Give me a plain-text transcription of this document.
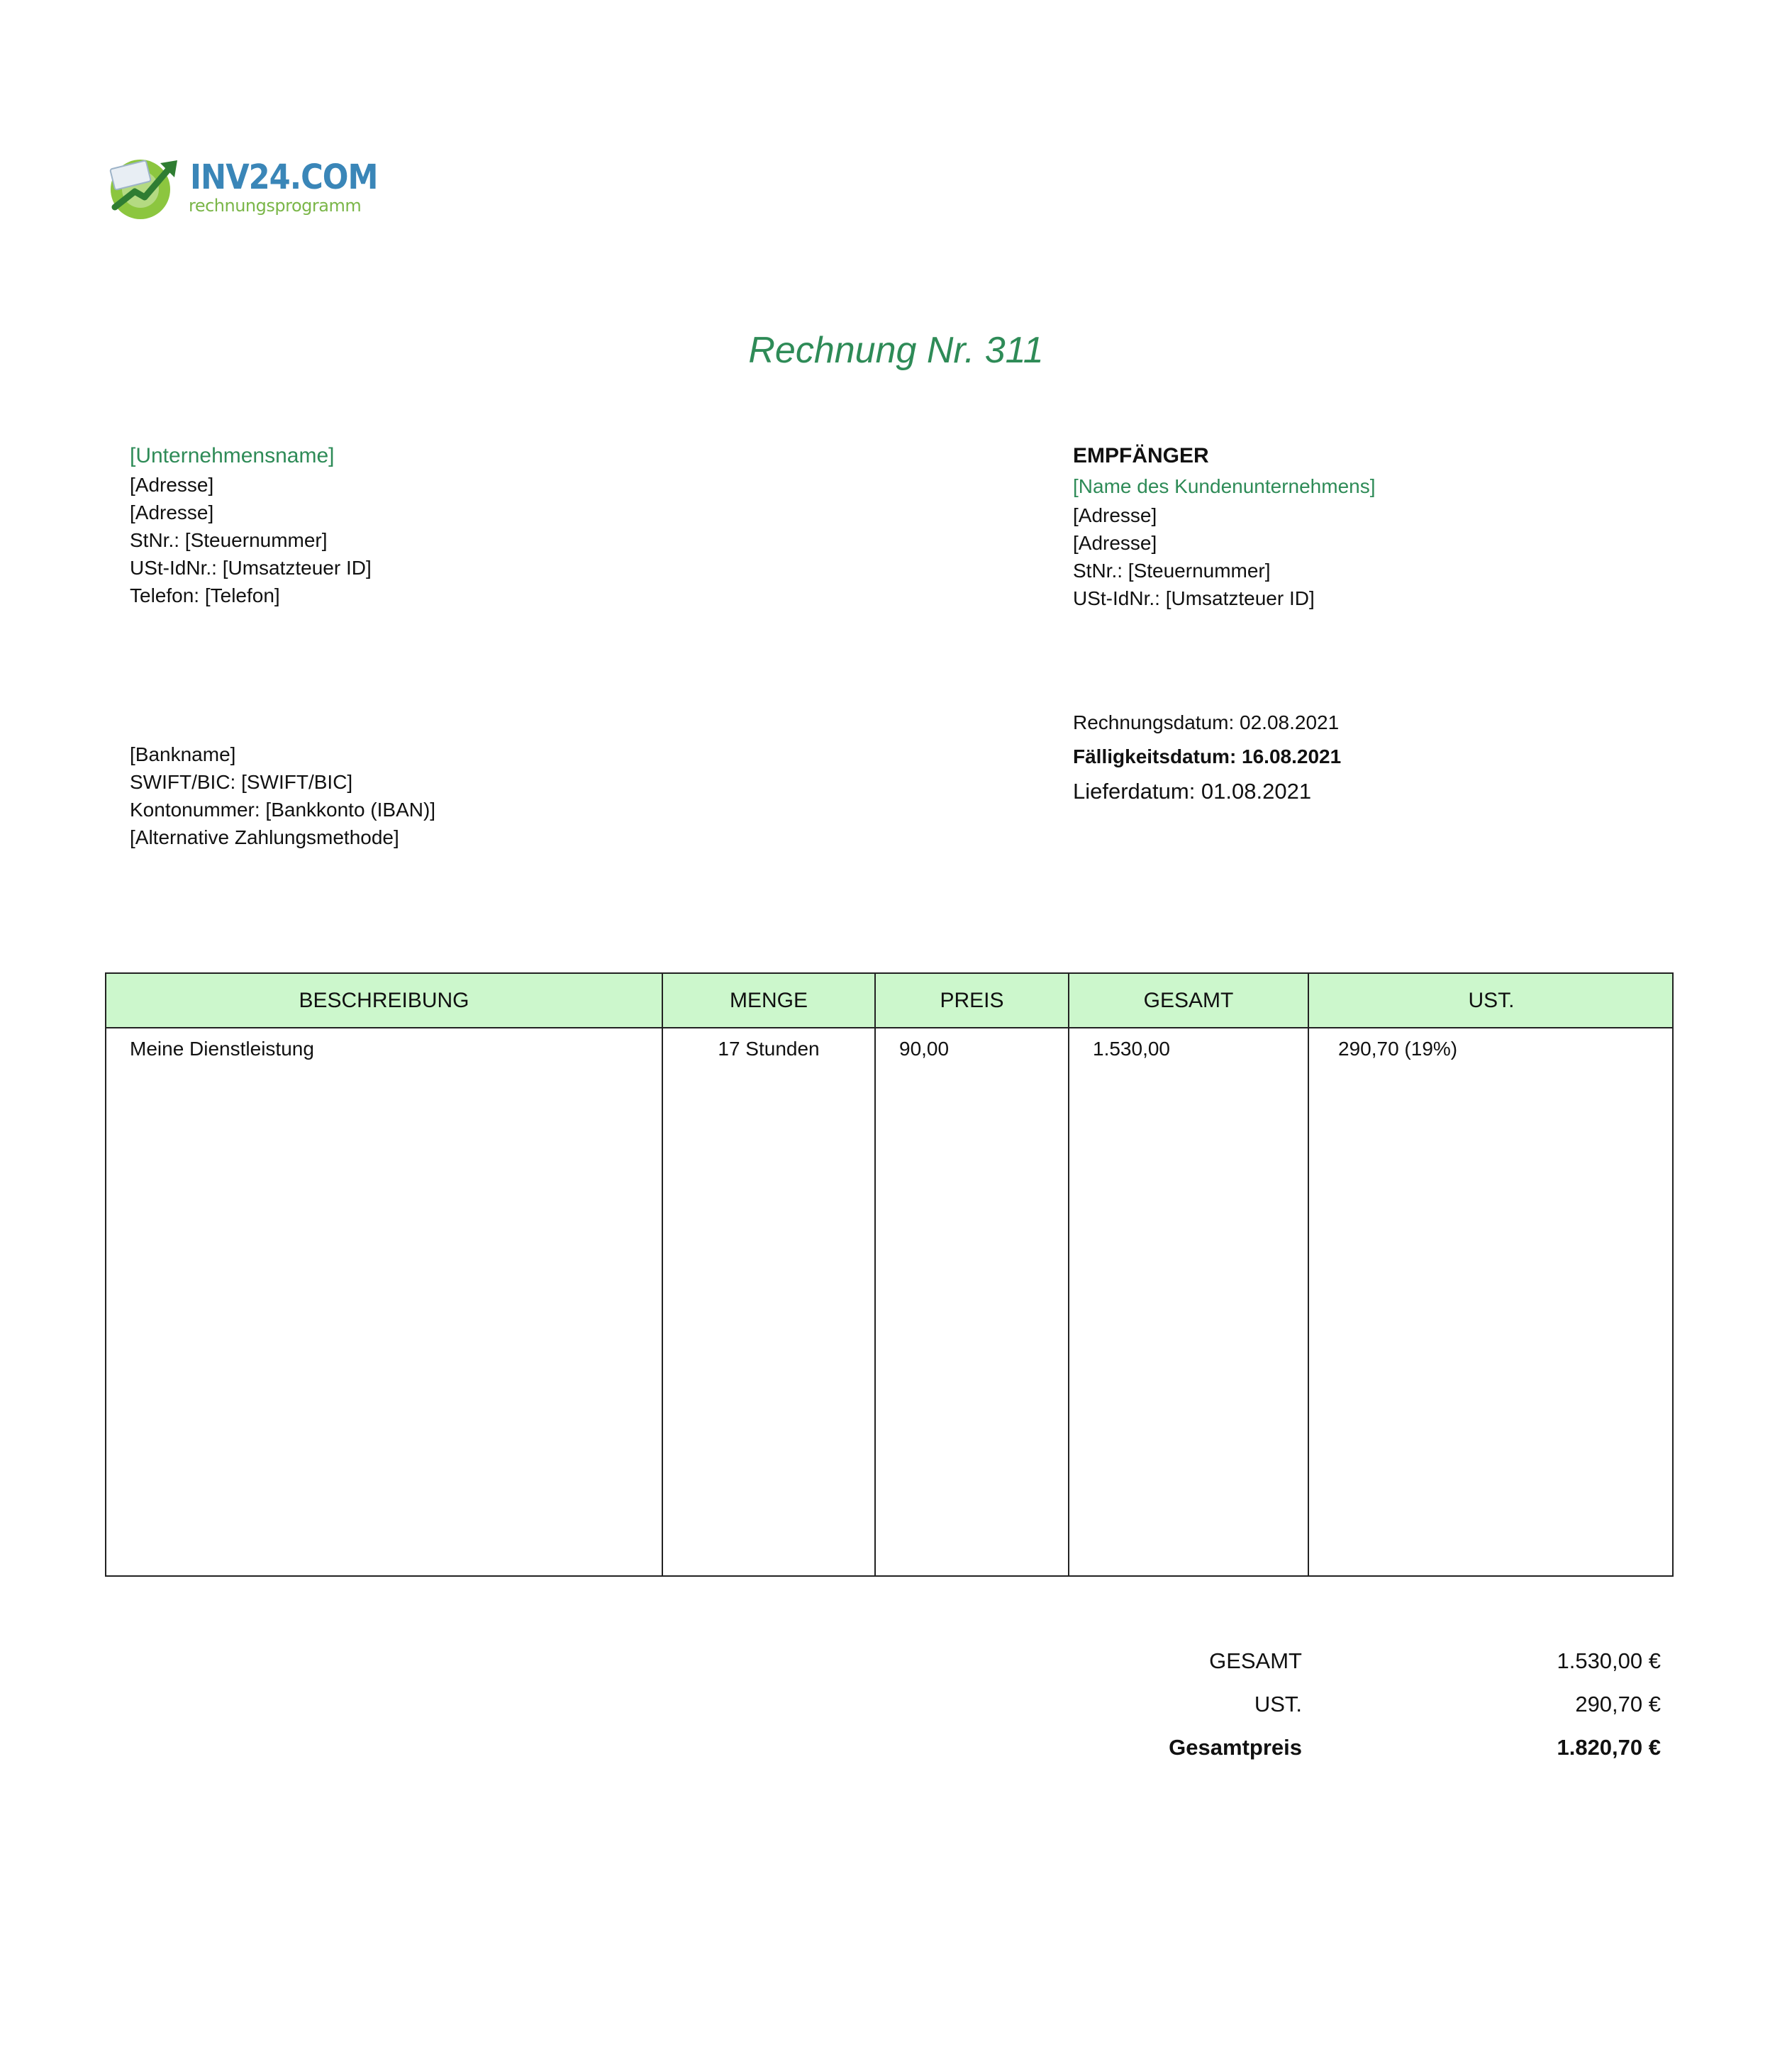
INV24.COM
rechnungsprogramm
Rechnung Nr. 311
[Unternehmensname]
[Adresse]
[Adresse]
StNr.: [Steuernummer]
USt-IdNr.: [Umsatzteuer ID]
Telefon: [Telefon]
EMPFÄNGER
[Name des Kundenunternehmens]
[Adresse]
[Adresse]
StNr.: [Steuernummer]
USt-IdNr.: [Umsatzteuer ID]
[Bankname]
SWIFT/BIC: [SWIFT/BIC]
Kontonummer: [Bankkonto (IBAN)]
[Alternative Zahlungsmethode]
Rechnungsdatum: 02.08.2021
Fälligkeitsdatum: 16.08.2021
Lieferdatum: 01.08.2021
BESCHREIBUNG	MENGE	PREIS	GESAMT	UST.
Meine Dienstleistung	17 Stunden	90,00	1.530,00	290,70 (19%)
GESAMT	1.530,00 €
UST.	290,70 €
Gesamtpreis	1.820,70 €
